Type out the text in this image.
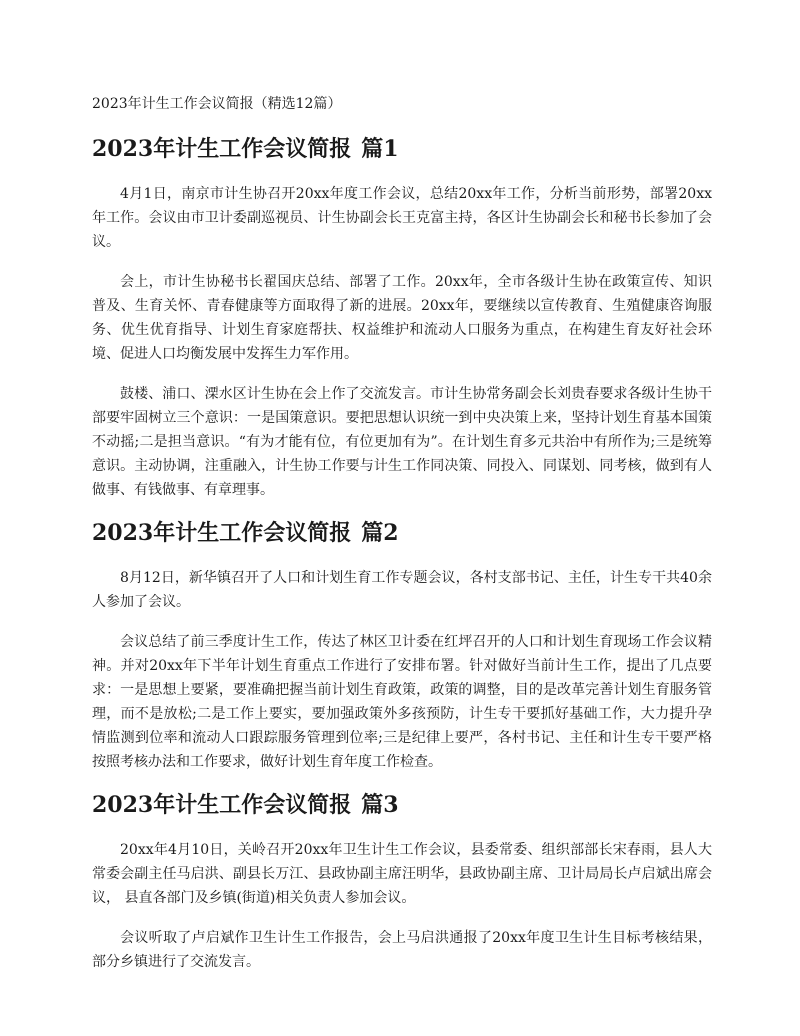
2023年计生工作会议简报（精选12篇）
2023年计生工作会议简报 篇1

4月1日，南京市计生协召开20xx年度工作会议，总结20xx年工作，分析当前形势，部署20xx年工作。会议由市卫计委副巡视员、计生协副会长王克富主持，各区计生协副会长和秘书长参加了会议。

会上，市计生协秘书长翟国庆总结、部署了工作。20xx年，全市各级计生协在政策宣传、知识普及、生育关怀、青春健康等方面取得了新的进展。20xx年，要继续以宣传教育、生殖健康咨询服务、优生优育指导、计划生育家庭帮扶、权益维护和流动人口服务为重点，在构建生育友好社会环境、促进人口均衡发展中发挥生力军作用。

鼓楼、浦口、溧水区计生协在会上作了交流发言。市计生协常务副会长刘贵春要求各级计生协干部要牢固树立三个意识：一是国策意识。要把思想认识统一到中央决策上来，坚持计划生育基本国策不动摇;二是担当意识。“有为才能有位，有位更加有为”。在计划生育多元共治中有所作为;三是统筹意识。主动协调，注重融入，计生协工作要与计生工作同决策、同投入、同谋划、同考核，做到有人做事、有钱做事、有章理事。

2023年计生工作会议简报 篇2

8月12日，新华镇召开了人口和计划生育工作专题会议，各村支部书记、主任，计生专干共40余人参加了会议。

会议总结了前三季度计生工作，传达了林区卫计委在红坪召开的人口和计划生育现场工作会议精神。并对20xx年下半年计划生育重点工作进行了安排布署。针对做好当前计生工作，提出了几点要求：一是思想上要紧，要准确把握当前计划生育政策，政策的调整，目的是改革完善计划生育服务管理，而不是放松;二是工作上要实，要加强政策外多孩预防，计生专干要抓好基础工作，大力提升孕情监测到位率和流动人口跟踪服务管理到位率;三是纪律上要严，各村书记、主任和计生专干要严格按照考核办法和工作要求，做好计划生育年度工作检查。

2023年计生工作会议简报 篇3

20xx年4月10日，关岭召开20xx年卫生计生工作会议，县委常委、组织部部长宋春雨，县人大常委会副主任马启洪、副县长万江、县政协副主席汪明华，县政协副主席、卫计局局长卢启斌出席会议， 县直各部门及乡镇(街道)相关负责人参加会议。

会议听取了卢启斌作卫生计生工作报告，会上马启洪通报了20xx年度卫生计生目标考核结果，部分乡镇进行了交流发言。
